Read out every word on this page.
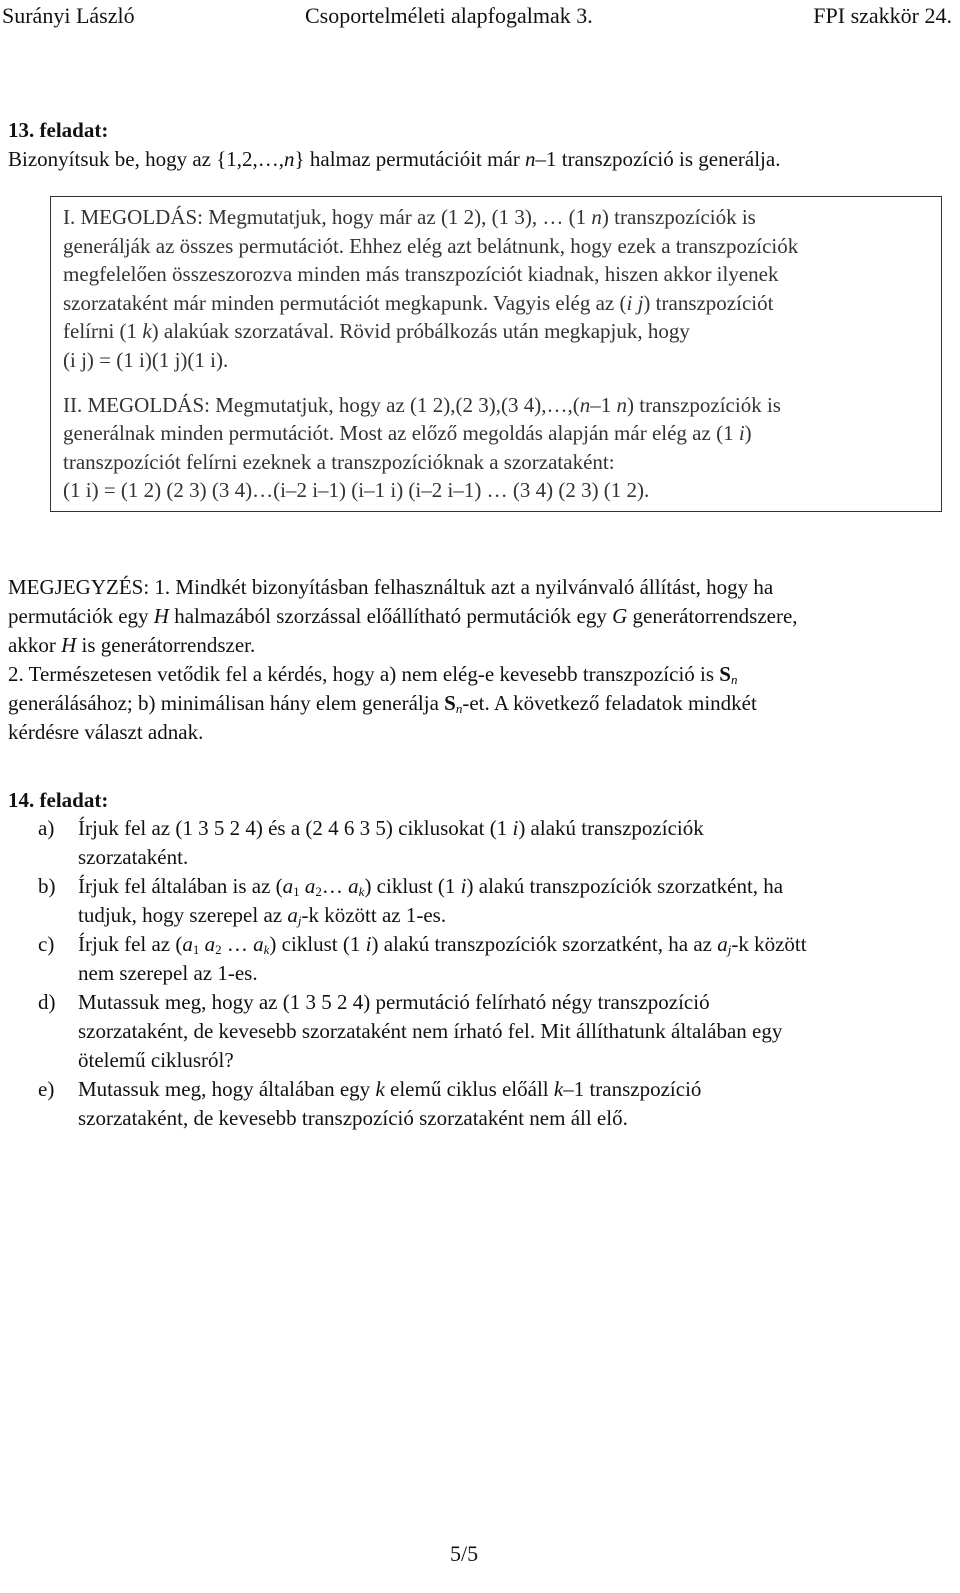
Surányi László	Csoportelméleti alapfogalmak 3.	FPI szakkör 24.
13. feladat:

Bizonyítsuk be, hogy az {1,2,…,n} halmaz permutációit már n–1 transzpozíció is generálja.

I. MEGOLDÁS: Megmutatjuk, hogy már az (1 2), (1 3), … (1 n) transzpozíciók is

generálják az összes permutációt. Ehhez elég azt belátnunk, hogy ezek a transzpozíciók

megfelelően összeszorozva minden más transzpozíciót kiadnak, hiszen akkor ilyenek

szorzataként már minden permutációt megkapunk. Vagyis elég az (i j) transzpozíciót

felírni (1 k) alakúak szorzatával. Rövid próbálkozás után megkapjuk, hogy

(i j) = (1 i)(1 j)(1 i).

II. MEGOLDÁS: Megmutatjuk, hogy az (1 2),(2 3),(3 4),…,(n–1 n) transzpozíciók is

generálnak minden permutációt. Most az előző megoldás alapján már elég az (1 i)

transzpozíciót felírni ezeknek a transzpozícióknak a szorzataként:

(1 i) = (1 2) (2 3) (3 4)…(i–2 i–1) (i–1 i) (i–2 i–1) … (3 4) (2 3) (1 2).

MEGJEGYZÉS: 1. Mindkét bizonyításban felhasználtuk azt a nyilvánvaló állítást, hogy ha

permutációk egy H halmazából szorzással előállítható permutációk egy G generátorrendszere,

akkor H is generátorrendszer.

2. Természetesen vetődik fel a kérdés, hogy a) nem elég-e kevesebb transzpozíció is $S_n$

generálásához; b) minimálisan hány elem generálja $S_n-et$. A következő feladatok mindkét

kérdésre választ adnak.

14. feladat:
a) Írjuk fel az (1 3 5 2 4) és a (2 4 6 3 5) ciklusokat (1 i) alakú transzpozíciók
szorzataként.
b) Írjuk fel általában is az ($a_1$ $a_2\dots$ $a_k$) ciklust (1 i) alakú transzpozíciók szorzatként, ha
tudjuk, hogy szerepel az $a_j-k$ között az 1-es.
c) Írjuk fel az ($a_1$ $a_2$ … $a_k$) ciklust (1 i) alakú transzpozíciók szorzatként, ha az $a_j-k$ között
nem szerepel az 1-es.
d) Mutassuk meg, hogy az (1 3 5 2 4) permutáció felírható négy transzpozíció
szorzataként, de kevesebb szorzataként nem írható fel. Mit állíthatunk általában egy
ötelemű ciklusról?
e) Mutassuk meg, hogy általában egy k elemű ciklus előáll k–1 transzpozíció
szorzataként, de kevesebb transzpozíció szorzataként nem áll elő.
5/5
